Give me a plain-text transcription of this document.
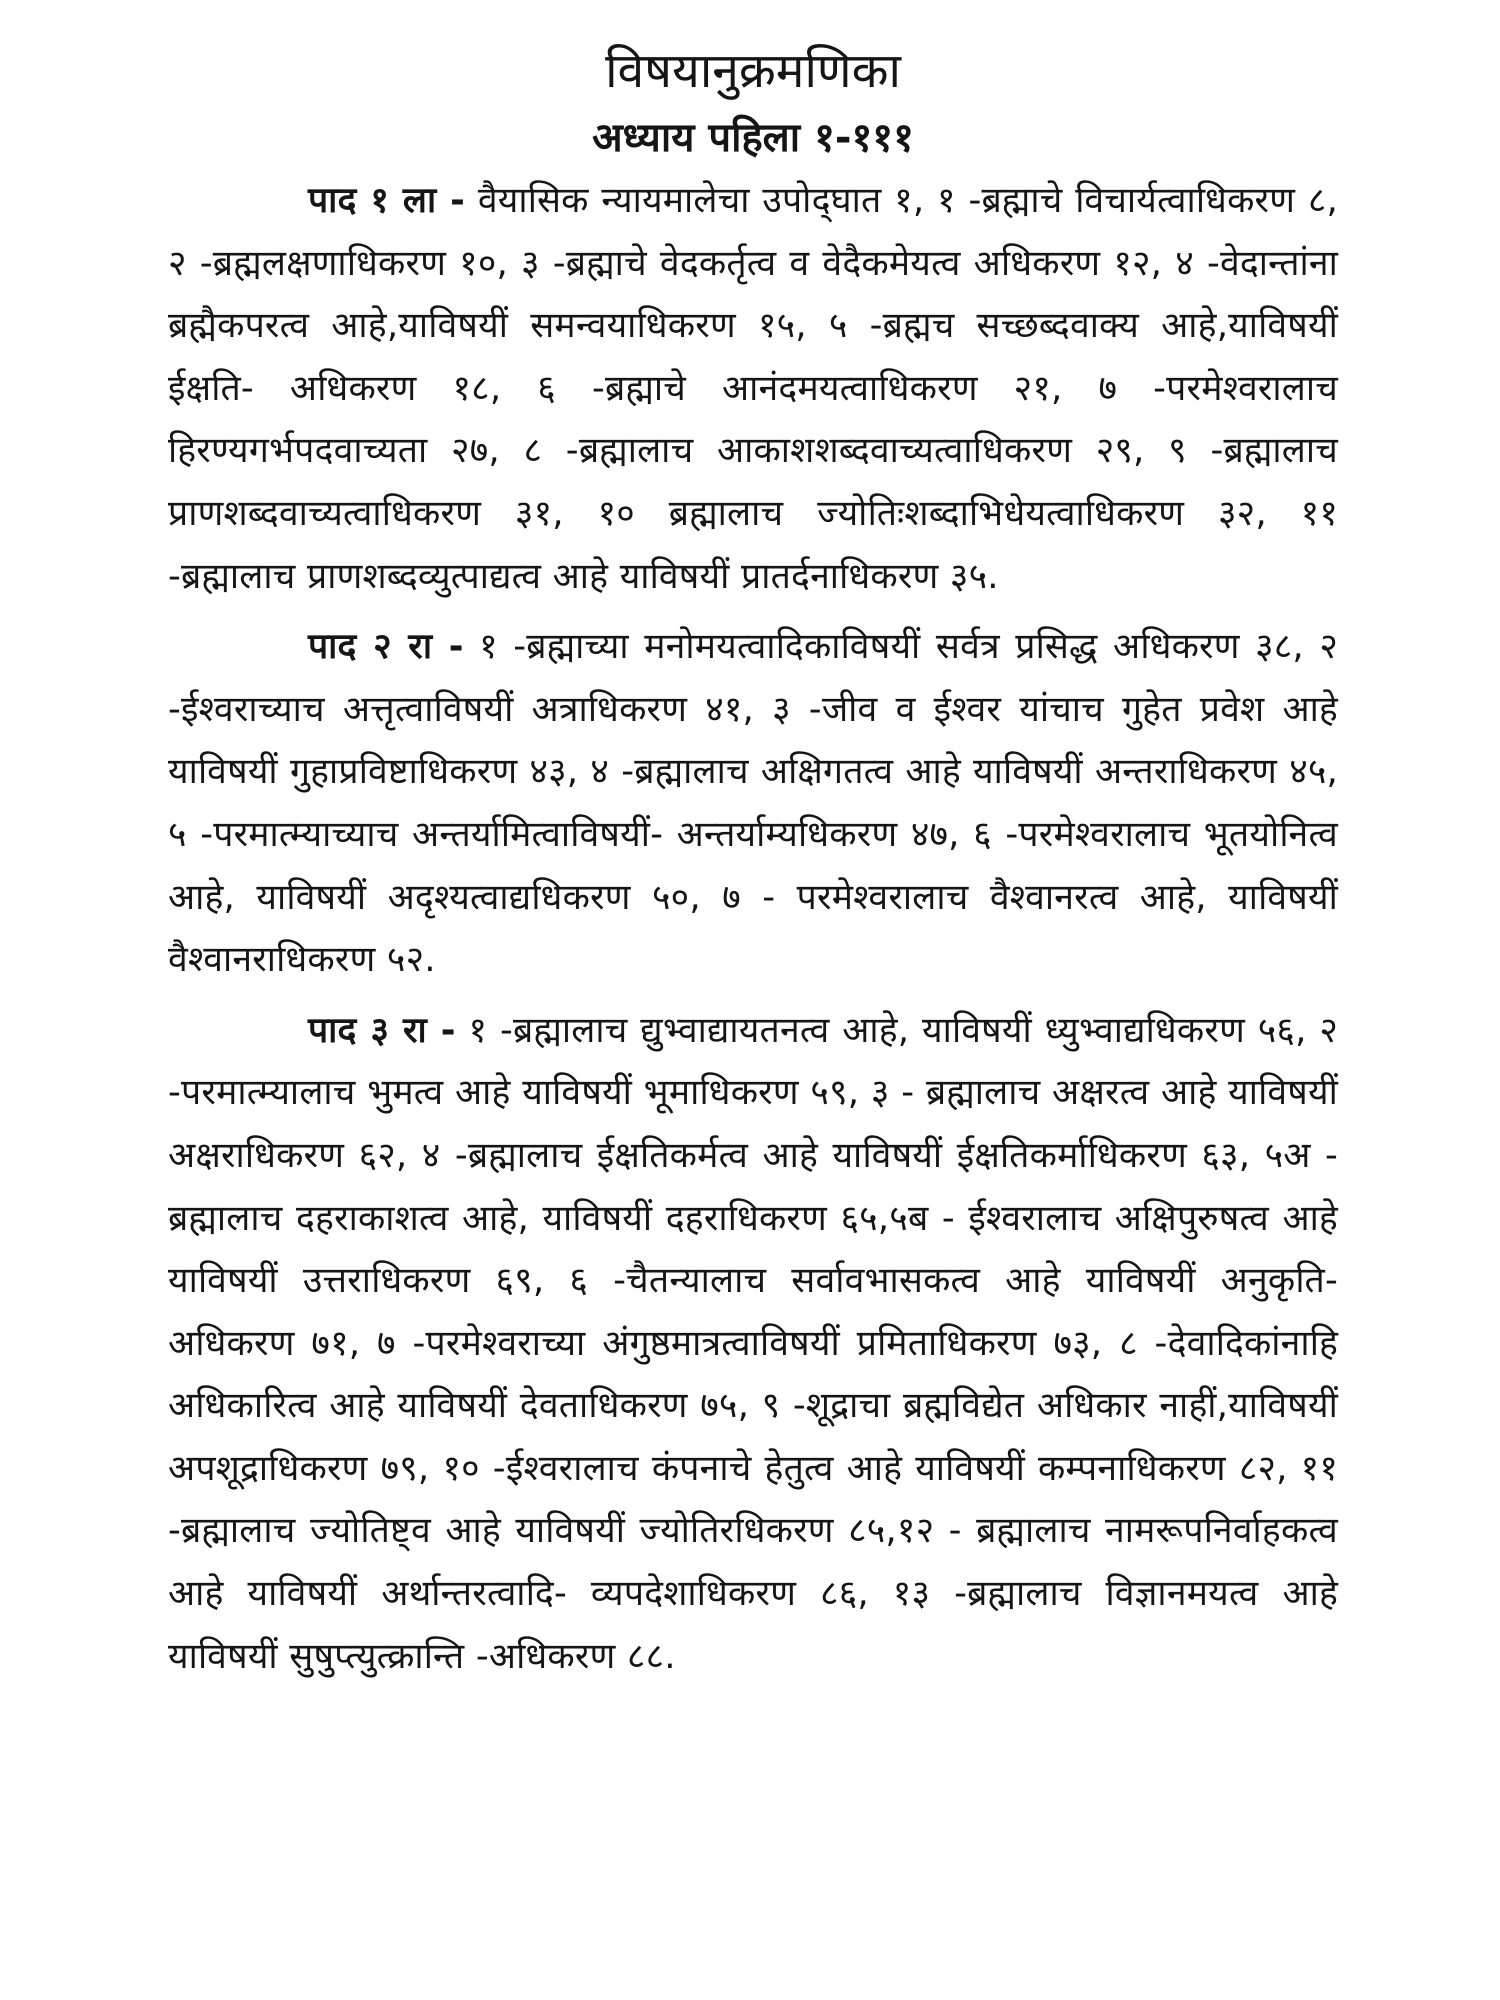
विषयानुक्रमणिका
अध्याय पहिला १-१११

पाद १ ला - वैयासिक न्यायमालेचा उपोद्‌घात १, १ -ब्रह्माचे विचार्यत्वाधिकरण ८, २ -ब्रह्मलक्षणाधिकरण १०, ३ -ब्रह्माचे वेदकर्तृत्व व वेदैकमेयत्व अधिकरण १२, ४ -वेदान्तांना ब्रह्मैकपरत्व आहे,याविषयीं समन्वयाधिकरण १५, ५ -ब्रह्मच सच्छब्दवाक्य आहे,याविषयीं ईक्षति- अधिकरण १८, ६ -ब्रह्माचे आनंदमयत्वाधिकरण २१, ७ -परमेश्वरालाच हिरण्यगर्भपदवाच्यता २७, ८ -ब्रह्मालाच आकाशशब्दवाच्यत्वाधिकरण २९, ९ -ब्रह्मालाच प्राणशब्दवाच्यत्वाधिकरण ३१, १० ब्रह्मालाच ज्योतिःशब्दाभिधेयत्वाधिकरण ३२, ११ -ब्रह्मालाच प्राणशब्दव्युत्पाद्यत्व आहे याविषयीं प्रातर्दनाधिकरण ३५.

पाद २ रा - १ -ब्रह्माच्या मनोमयत्वादिकाविषयीं सर्वत्र प्रसिद्ध अधिकरण ३८, २ -ईश्वराच्याच अत्तृत्वाविषयीं अत्राधिकरण ४१, ३ -जीव व ईश्वर यांचाच गुहेत प्रवेश आहे याविषयीं गुहाप्रविष्टाधिकरण ४३, ४ -ब्रह्मालाच अक्षिगतत्व आहे याविषयीं अन्तराधिकरण ४५, ५ -परमात्म्याच्याच अन्तर्यामित्वाविषयीं- अन्तर्याम्यधिकरण ४७, ६ -परमेश्वरालाच भूतयोनित्व आहे, याविषयीं अदृश्यत्वाद्यधिकरण ५०, ७ - परमेश्वरालाच वैश्वानरत्व आहे, याविषयीं वैश्वानराधिकरण ५२.

पाद ३ रा - १ -ब्रह्मालाच द्युभ्वाद्यायतनत्व आहे, याविषयीं ध्युभ्वाद्यधिकरण ५६, २ -परमात्म्यालाच भुमत्व आहे याविषयीं भूमाधिकरण ५९, ३ - ब्रह्मालाच अक्षरत्व आहे याविषयीं अक्षराधिकरण ६२, ४ -ब्रह्मालाच ईक्षतिकर्मत्व आहे याविषयीं ईक्षतिकर्माधिकरण ६३, ५अ - ब्रह्मालाच दहराकाशत्व आहे, याविषयीं दहराधिकरण ६५,५ब - ईश्वरालाच अक्षिपुरुषत्व आहे याविषयीं उत्तराधिकरण ६९, ६ -चैतन्यालाच सर्वावभासकत्व आहे याविषयीं अनुकृति-अधिकरण ७१, ७ -परमेश्वराच्या अंगुष्ठमात्रत्वाविषयीं प्रमिताधिकरण ७३, ८ -देवादिकांनाहि अधिकारित्व आहे याविषयीं देवताधिकरण ७५, ९ -शूद्राचा ब्रह्मविद्येत अधिकार नाहीं,याविषयीं अपशूद्राधिकरण ७९, १० -ईश्वरालाच कंपनाचे हेतुत्व आहे याविषयीं कम्पनाधिकरण ८२, ११ -ब्रह्मालाच ज्योतिष्ट्व आहे याविषयीं ज्योतिरधिकरण ८५,१२ - ब्रह्मालाच नामरूपनिर्वाहकत्व आहे याविषयीं अर्थान्तरत्वादि- व्यपदेशाधिकरण ८६, १३ -ब्रह्मालाच विज्ञानमयत्व आहे याविषयीं सुषुप्त्युत्क्रान्ति -अधिकरण ८८.
